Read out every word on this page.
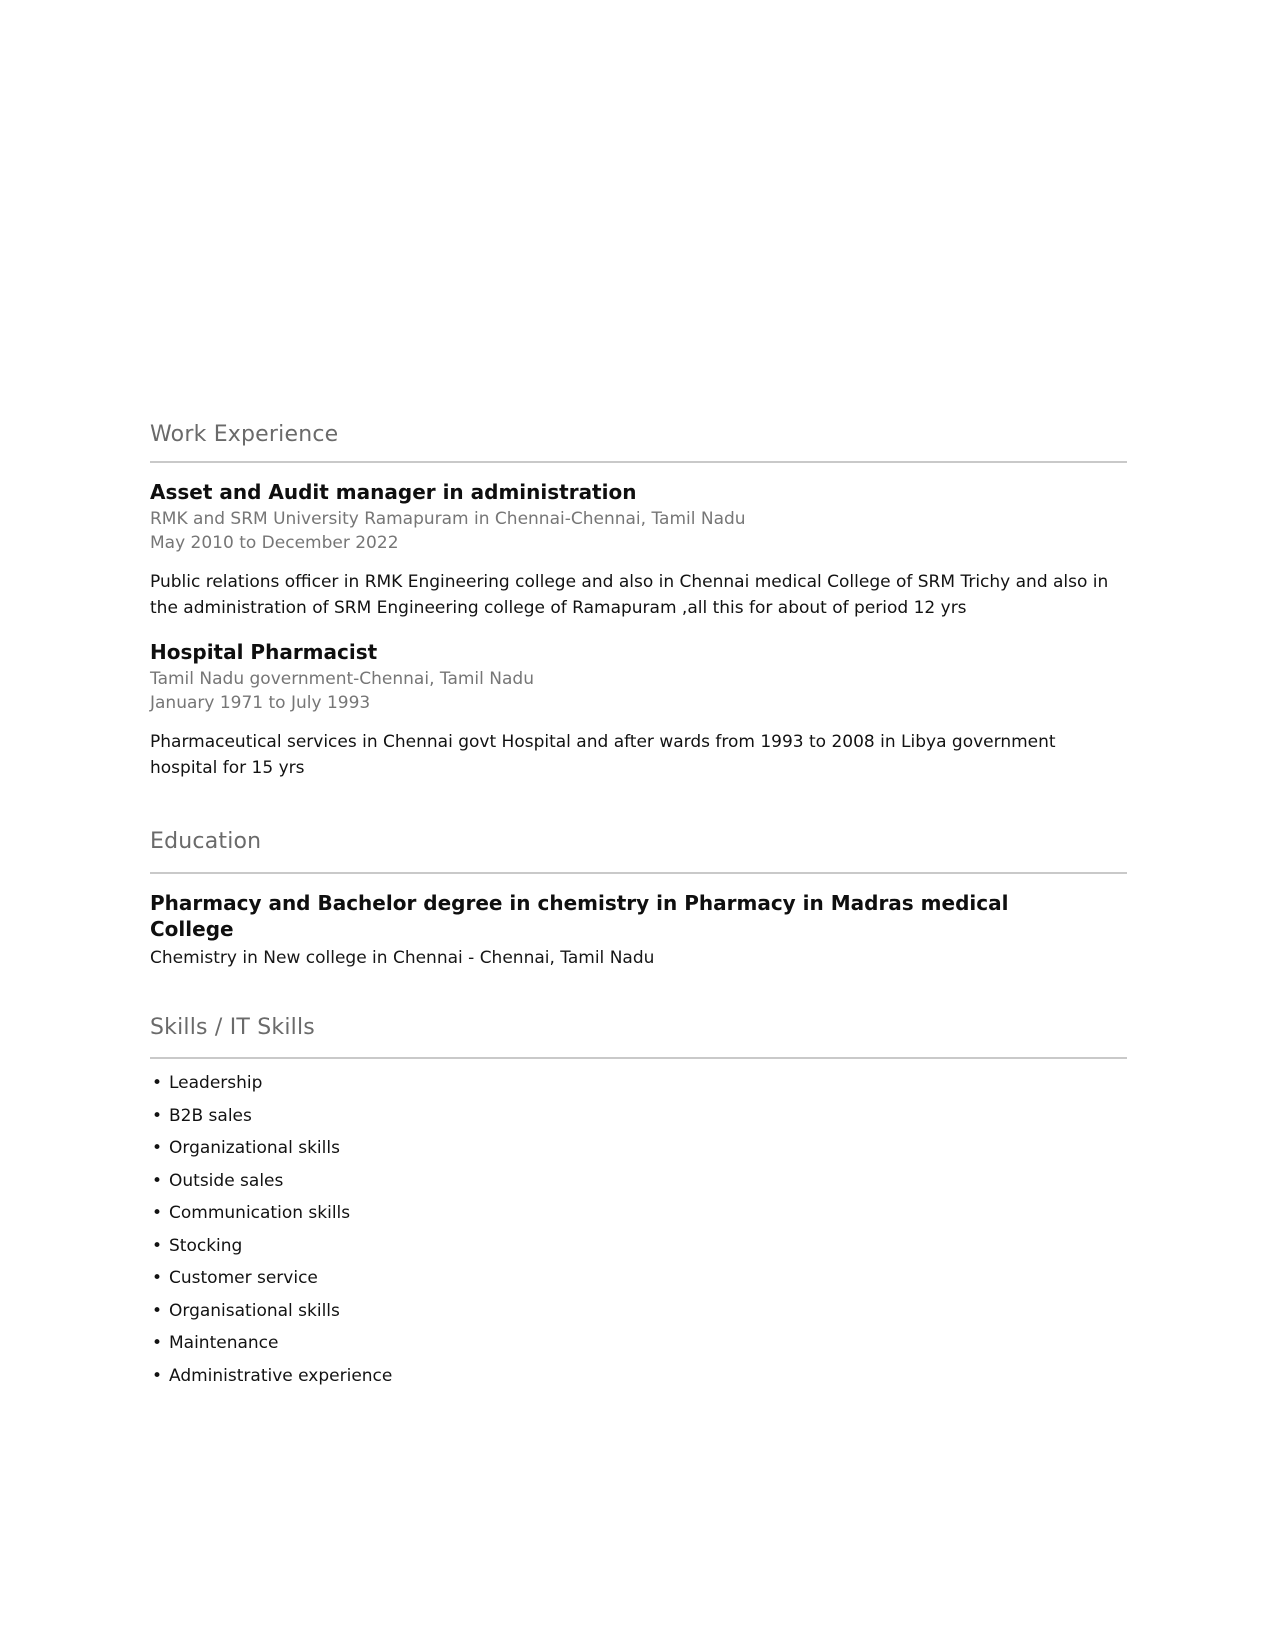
Work Experience
Asset and Audit manager in administration

RMK and SRM University Ramapuram in Chennai-Chennai, Tamil Nadu

May 2010 to December 2022

Public relations officer in RMK Engineering college and also in Chennai medical College of SRM Trichy and also in the administration of SRM Engineering college of Ramapuram ,all this for about of period 12 yrs

Hospital Pharmacist

Tamil Nadu government-Chennai, Tamil Nadu

January 1971 to July 1993

Pharmaceutical services in Chennai govt Hospital and after wards from 1993 to 2008 in Libya government hospital for 15 yrs

Education
Pharmacy and Bachelor degree in chemistry in Pharmacy in Madras medical College

Chemistry in New college in Chennai - Chennai, Tamil Nadu

Skills / IT Skills
• Leadership
• B2B sales
• Organizational skills
• Outside sales
• Communication skills
• Stocking
• Customer service
• Organisational skills
• Maintenance
• Administrative experience
